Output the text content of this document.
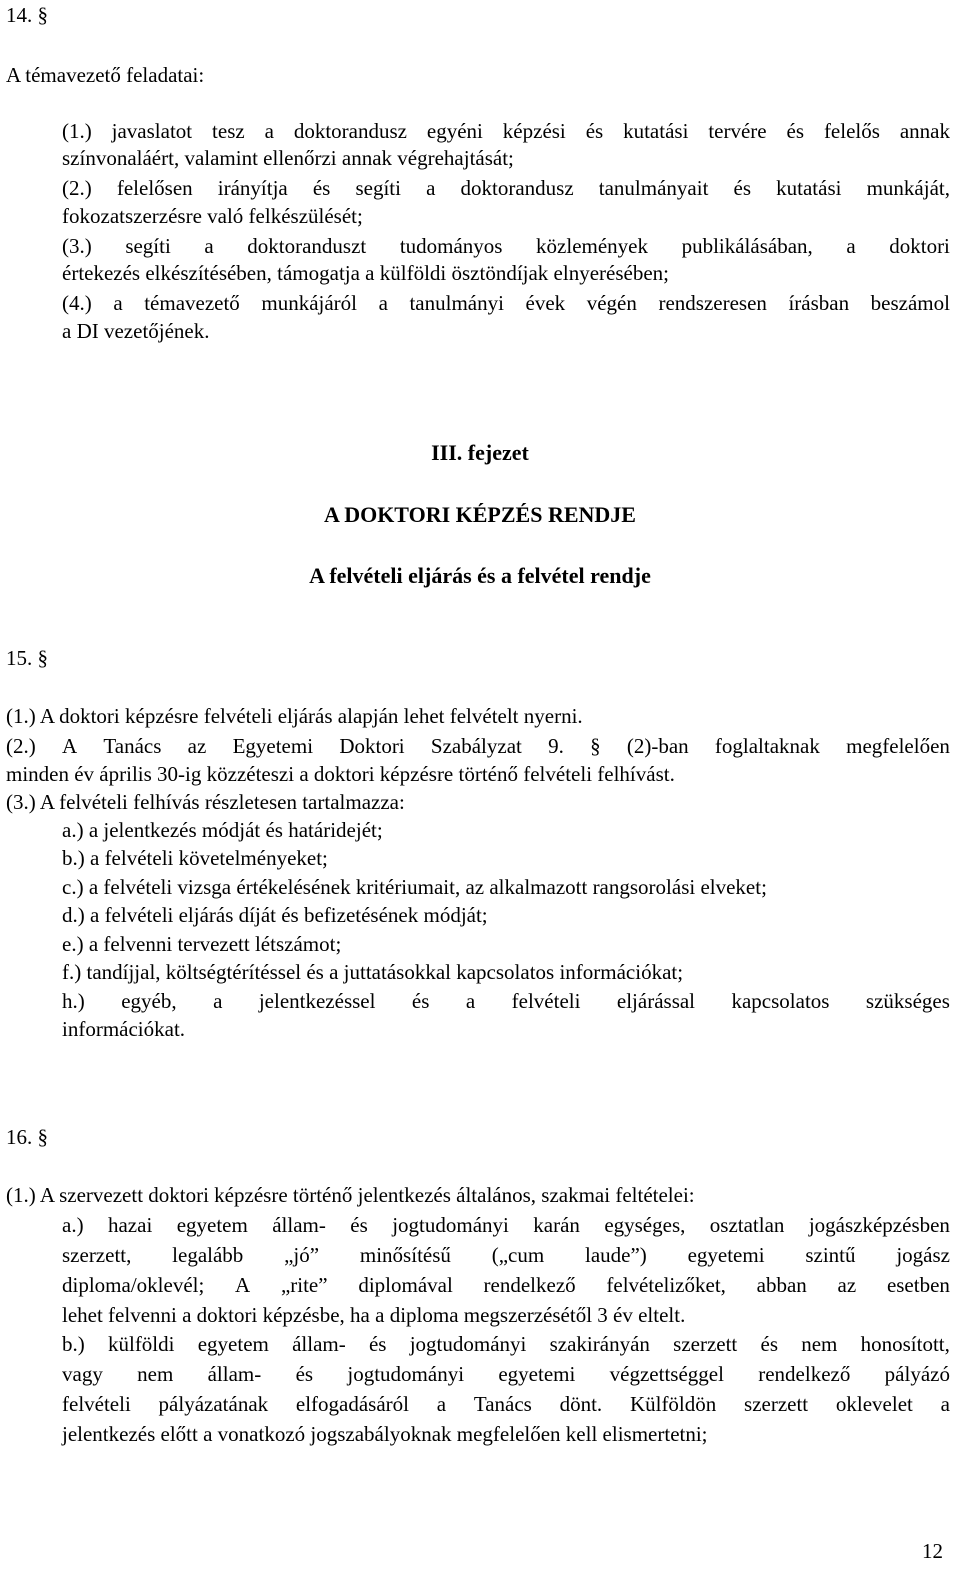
14. §
A témavezető feladatai:
(1.) javaslatot tesz a doktorandusz egyéni képzési és kutatási tervére és felelős annak
színvonaláért, valamint ellenőrzi annak végrehajtását;
(2.) felelősen irányítja és segíti a doktorandusz tanulmányait és kutatási munkáját,
fokozatszerzésre való felkészülését;
(3.) segíti a doktoranduszt tudományos közlemények publikálásában, a doktori
értekezés elkészítésében, támogatja a külföldi ösztöndíjak elnyerésében;
(4.) a témavezető munkájáról a tanulmányi évek végén rendszeresen írásban beszámol
a DI vezetőjének.
III. fejezet
A DOKTORI KÉPZÉS RENDJE
A felvételi eljárás és a felvétel rendje
15. §
(1.) A doktori képzésre felvételi eljárás alapján lehet felvételt nyerni.
(2.) A Tanács az Egyetemi Doktori Szabályzat 9. § (2)-ban foglaltaknak megfelelően
minden év április 30-ig közzéteszi a doktori képzésre történő felvételi felhívást.
(3.) A felvételi felhívás részletesen tartalmazza:
a.) a jelentkezés módját és határidejét;
b.) a felvételi követelményeket;
c.) a felvételi vizsga értékelésének kritériumait, az alkalmazott rangsorolási elveket;
d.) a felvételi eljárás díját és befizetésének módját;
e.) a felvenni tervezett létszámot;
f.) tandíjjal, költségtérítéssel és a juttatásokkal kapcsolatos információkat;
h.) egyéb, a jelentkezéssel és a felvételi eljárással kapcsolatos szükséges
információkat.
16. §
(1.) A szervezett doktori képzésre történő jelentkezés általános, szakmai feltételei:
a.) hazai egyetem állam- és jogtudományi karán egységes, osztatlan jogászképzésben
szerzett, legalább „jó” minősítésű („cum laude”) egyetemi szintű jogász
diploma/oklevél; A „rite” diplomával rendelkező felvételizőket, abban az esetben
lehet felvenni a doktori képzésbe, ha a diploma megszerzésétől 3 év eltelt.
b.) külföldi egyetem állam- és jogtudományi szakirányán szerzett és nem honosított,
vagy nem állam- és jogtudományi egyetemi végzettséggel rendelkező pályázó
felvételi pályázatának elfogadásáról a Tanács dönt. Külföldön szerzett oklevelet a
jelentkezés előtt a vonatkozó jogszabályoknak megfelelően kell elismertetni;
12
